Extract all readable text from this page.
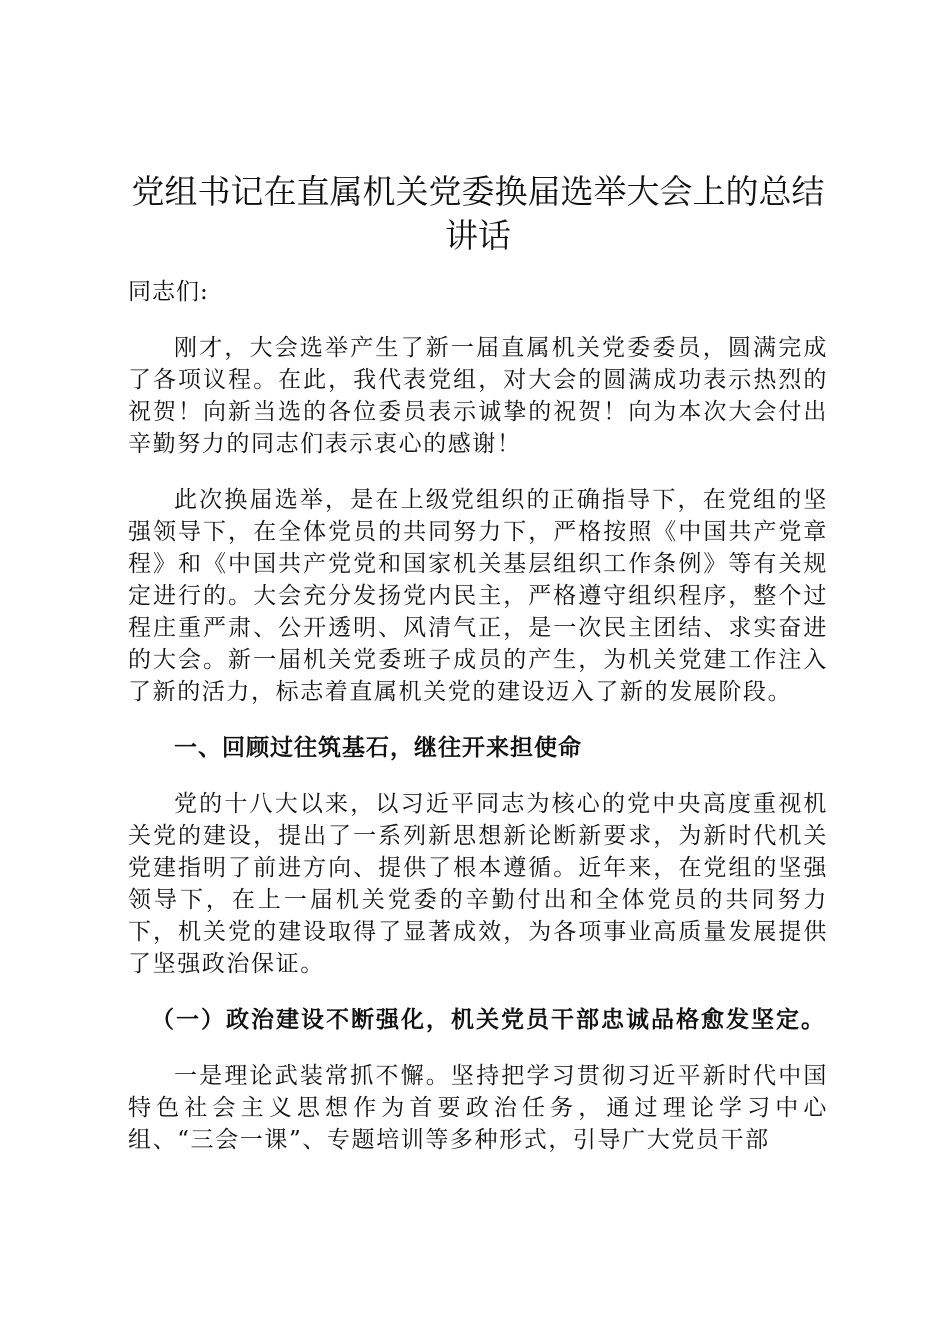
党组书记在直属机关党委换届选举大会上的总结讲话

同志们:

刚才，大会选举产生了新一届直属机关党委委员，圆满完成了各项议程。在此，我代表党组，对大会的圆满成功表示热烈的祝贺！向新当选的各位委员表示诚挚的祝贺！向为本次大会付出辛勤努力的同志们表示衷心的感谢！

此次换届选举，是在上级党组织的正确指导下，在党组的坚强领导下，在全体党员的共同努力下，严格按照《中国共产党章程》和《中国共产党党和国家机关基层组织工作条例》等有关规定进行的。大会充分发扬党内民主，严格遵守组织程序，整个过程庄重严肃、公开透明、风清气正，是一次民主团结、求实奋进的大会。新一届机关党委班子成员的产生，为机关党建工作注入了新的活力，标志着直属机关党的建设迈入了新的发展阶段。

一、回顾过往筑基石，继往开来担使命

党的十八大以来，以习近平同志为核心的党中央高度重视机关党的建设，提出了一系列新思想新论断新要求，为新时代机关党建指明了前进方向、提供了根本遵循。近年来，在党组的坚强领导下，在上一届机关党委的辛勤付出和全体党员的共同努力下，机关党的建设取得了显著成效，为各项事业高质量发展提供了坚强政治保证。

（一）政治建设不断强化，机关党员干部忠诚品格愈发坚定。

一是理论武装常抓不懈。坚持把学习贯彻习近平新时代中国特色社会主义思想作为首要政治任务，通过理论学习中心组、“三会一课”、专题培训等多种形式，引导广大党员干部
